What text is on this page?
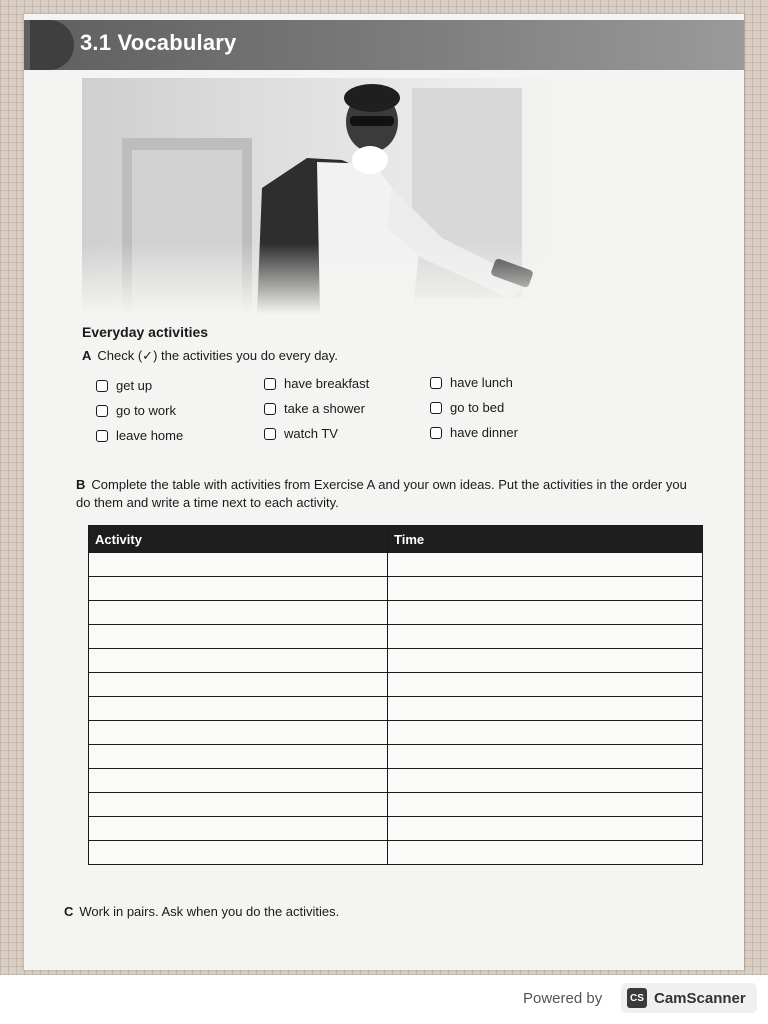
3.1 Vocabulary
Everyday activities
A Check (✓) the activities you do every day.
get up
go to work
leave home
have breakfast
take a shower
watch TV
have lunch
go to bed
have dinner
B Complete the table with activities from Exercise A and your own ideas. Put the activities in the order you do them and write a time next to each activity.
Activity	Time

C Work in pairs. Ask when you do the activities.
Powered by	CS CamScanner
